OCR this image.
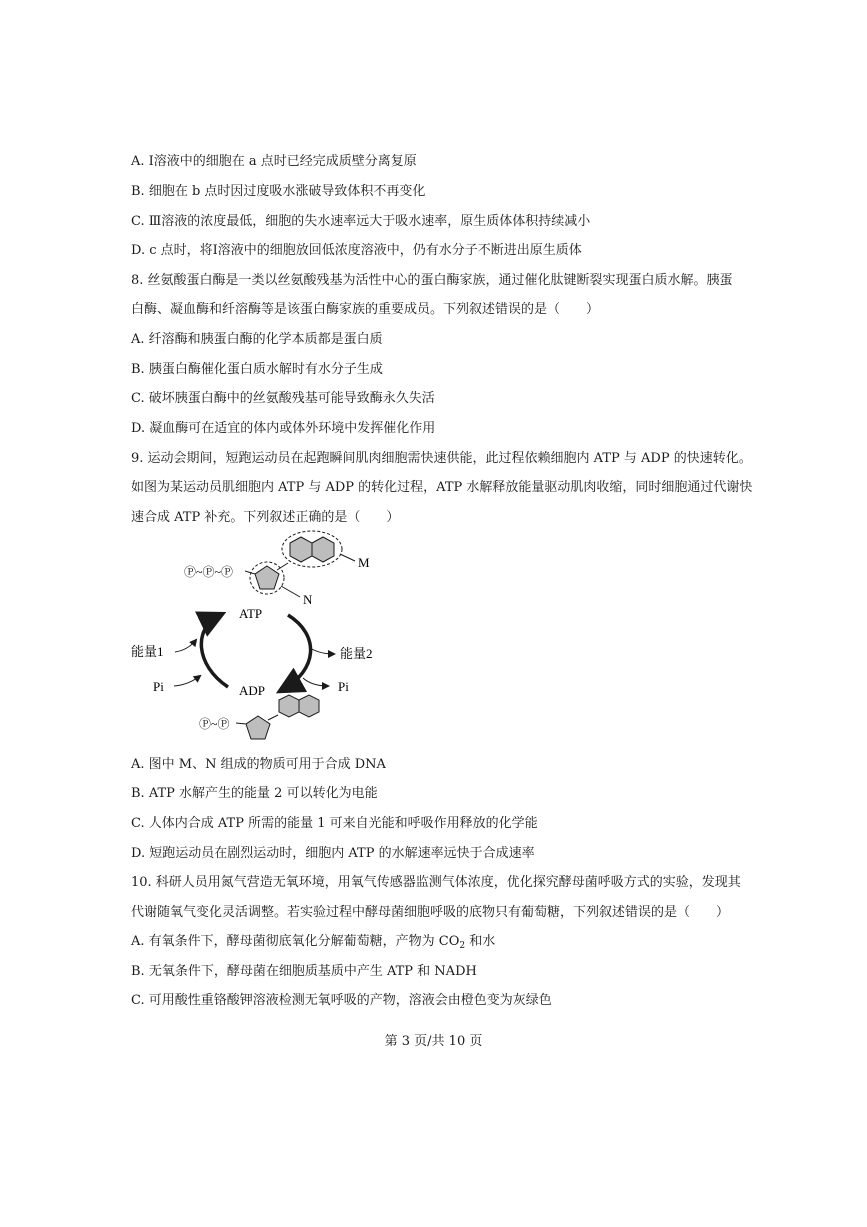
A. Ⅰ溶液中的细胞在 a 点时已经完成质壁分离复原
B. 细胞在 b 点时因过度吸水涨破导致体积不再变化
C. Ⅲ溶液的浓度最低，细胞的失水速率远大于吸水速率，原生质体体积持续减小
D. c 点时，将Ⅰ溶液中的细胞放回低浓度溶液中，仍有水分子不断进出原生质体
8. 丝氨酸蛋白酶是一类以丝氨酸残基为活性中心的蛋白酶家族，通过催化肽键断裂实现蛋白质水解。胰蛋
白酶、凝血酶和纤溶酶等是该蛋白酶家族的重要成员。下列叙述错误的是（　　）
A. 纤溶酶和胰蛋白酶的化学本质都是蛋白质
B. 胰蛋白酶催化蛋白质水解时有水分子生成
C. 破坏胰蛋白酶中的丝氨酸残基可能导致酶永久失活
D. 凝血酶可在适宜的体内或体外环境中发挥催化作用
9. 运动会期间，短跑运动员在起跑瞬间肌肉细胞需快速供能，此过程依赖细胞内 ATP 与 ADP 的快速转化。
如图为某运动员肌细胞内 ATP 与 ADP 的转化过程，ATP 水解释放能量驱动肌肉收缩，同时细胞通过代谢快
速合成 ATP 补充。下列叙述正确的是（　　）
Ⓟ~Ⓟ~Ⓟ
M
N
ATP
能量1
Pi
能量2
Pi
ADP
Ⓟ~Ⓟ
A. 图中 M、N 组成的物质可用于合成 DNA
B. ATP 水解产生的能量 2 可以转化为电能
C. 人体内合成 ATP 所需的能量 1 可来自光能和呼吸作用释放的化学能
D. 短跑运动员在剧烈运动时，细胞内 ATP 的水解速率远快于合成速率
10. 科研人员用氮气营造无氧环境，用氧气传感器监测气体浓度，优化探究酵母菌呼吸方式的实验，发现其
代谢随氧气变化灵活调整。若实验过程中酵母菌细胞呼吸的底物只有葡萄糖，下列叙述错误的是（　　）
A. 有氧条件下，酵母菌彻底氧化分解葡萄糖，产物为 $CO_2$ 和水
B. 无氧条件下，酵母菌在细胞质基质中产生 ATP 和 NADH
C. 可用酸性重铬酸钾溶液检测无氧呼吸的产物，溶液会由橙色变为灰绿色
第 3 页/共 10 页
